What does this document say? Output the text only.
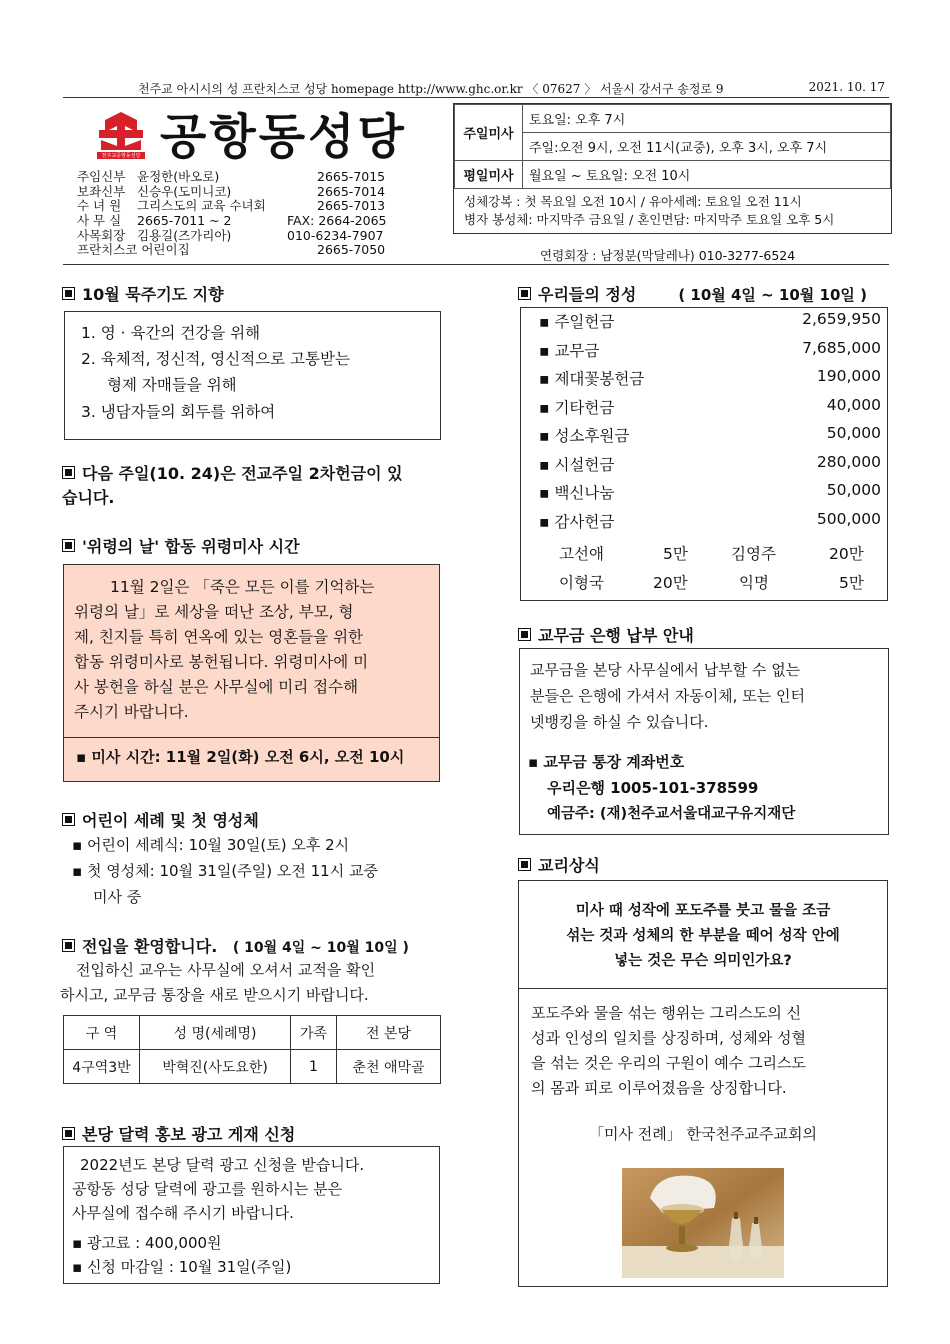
천주교 아시시의 성 프란치스코 성당 homepage http://www.ghc.or.kr 〈 07627 〉 서울시 강서구 송정로 9	2021. 10. 17
천주교공항동성당 공항동성당
주임신부 윤정한(바오로)	2665-7015
보좌신부 신승우(도미니코)	2665-7014
수 녀 원 그리스도의 교육 수녀회	2665-7013
사 무 실 2665-7011 ~ 2	FAX: 2664-2065
사목회장 김용길(즈가리아)	010-6234-7907
프란치스코 어린이집	2665-7050
주일미사	토요일: 오후 7시
	주일:오전 9시, 오전 11시(교중), 오후 3시, 오후 7시
평일미사	월요일 ~ 토요일: 오전 10시
성체강복 : 첫 목요일 오전 10시 / 유아세례: 토요일 오전 11시
병자 봉성체: 마지막주 금요일 / 혼인면담: 마지막주 토요일 오후 5시
연령회장 : 남정분(막달레나) 010-3277-6524
10월 묵주기도 지향
1. 영 · 육간의 건강을 위해
2. 육체적, 정신적, 영신적으로 고통받는
형제 자매들을 위해
3. 냉담자들의 회두를 위하여
다음 주일(10. 24)은 전교주일 2차헌금이 있
습니다.
'위령의 날' 합동 위령미사 시간
11월 2일은 「죽은 모든 이를 기억하는
위령의 날」로 세상을 떠난 조상, 부모, 형
제, 친지들 특히 연옥에 있는 영혼들을 위한
합동 위령미사로 봉헌됩니다. 위령미사에 미
사 봉헌을 하실 분은 사무실에 미리 접수해
주시기 바랍니다.
▪ 미사 시간: 11월 2일(화) 오전 6시, 오전 10시
어린이 세례 및 첫 영성체
▪ 어린이 세례식: 10월 30일(토) 오후 2시
▪ 첫 영성체: 10월 31일(주일) 오전 11시 교중
미사 중
전입을 환영합니다. ( 10월 4일 ~ 10월 10일 )
전입하신 교우는 사무실에 오셔서 교적을 확인
하시고, 교무금 통장을 새로 받으시기 바랍니다.
구 역	성 명(세례명)	가족	전 본당
4구역3반	박혁진(사도요한)	1	춘천 애막골
본당 달력 홍보 광고 게재 신청
2022년도 본당 달력 광고 신청을 받습니다.
공항동 성당 달력에 광고를 원하시는 분은
사무실에 접수해 주시기 바랍니다.
▪ 광고료 : 400,000원
▪ 신청 마감일 : 10월 31일(주일)
우리들의 정성	( 10월 4일 ~ 10월 10일 )
▪ 주일헌금	2,659,950
▪ 교무금	7,685,000
▪ 제대꽃봉헌금	190,000
▪ 기타헌금	40,000
▪ 성소후원금	50,000
▪ 시설헌금	280,000
▪ 백신나눔	50,000
▪ 감사헌금	500,000
고선애	5만	김영주	20만
이형국	20만	익명	5만
교무금 은행 납부 안내
교무금을 본당 사무실에서 납부할 수 없는
분들은 은행에 가셔서 자동이체, 또는 인터
넷뱅킹을 하실 수 있습니다.
▪ 교무금 통장 계좌번호
우리은행 1005-101-378599
예금주: (재)천주교서울대교구유지재단
교리상식
미사 때 성작에 포도주를 붓고 물을 조금
섞는 것과 성체의 한 부분을 떼어 성작 안에
넣는 것은 무슨 의미인가요?
포도주와 물을 섞는 행위는 그리스도의 신
성과 인성의 일치를 상징하며, 성체와 성혈
을 섞는 것은 우리의 구원이 예수 그리스도
의 몸과 피로 이루어졌음을 상징합니다.
「미사 전례」 한국천주교주교회의
